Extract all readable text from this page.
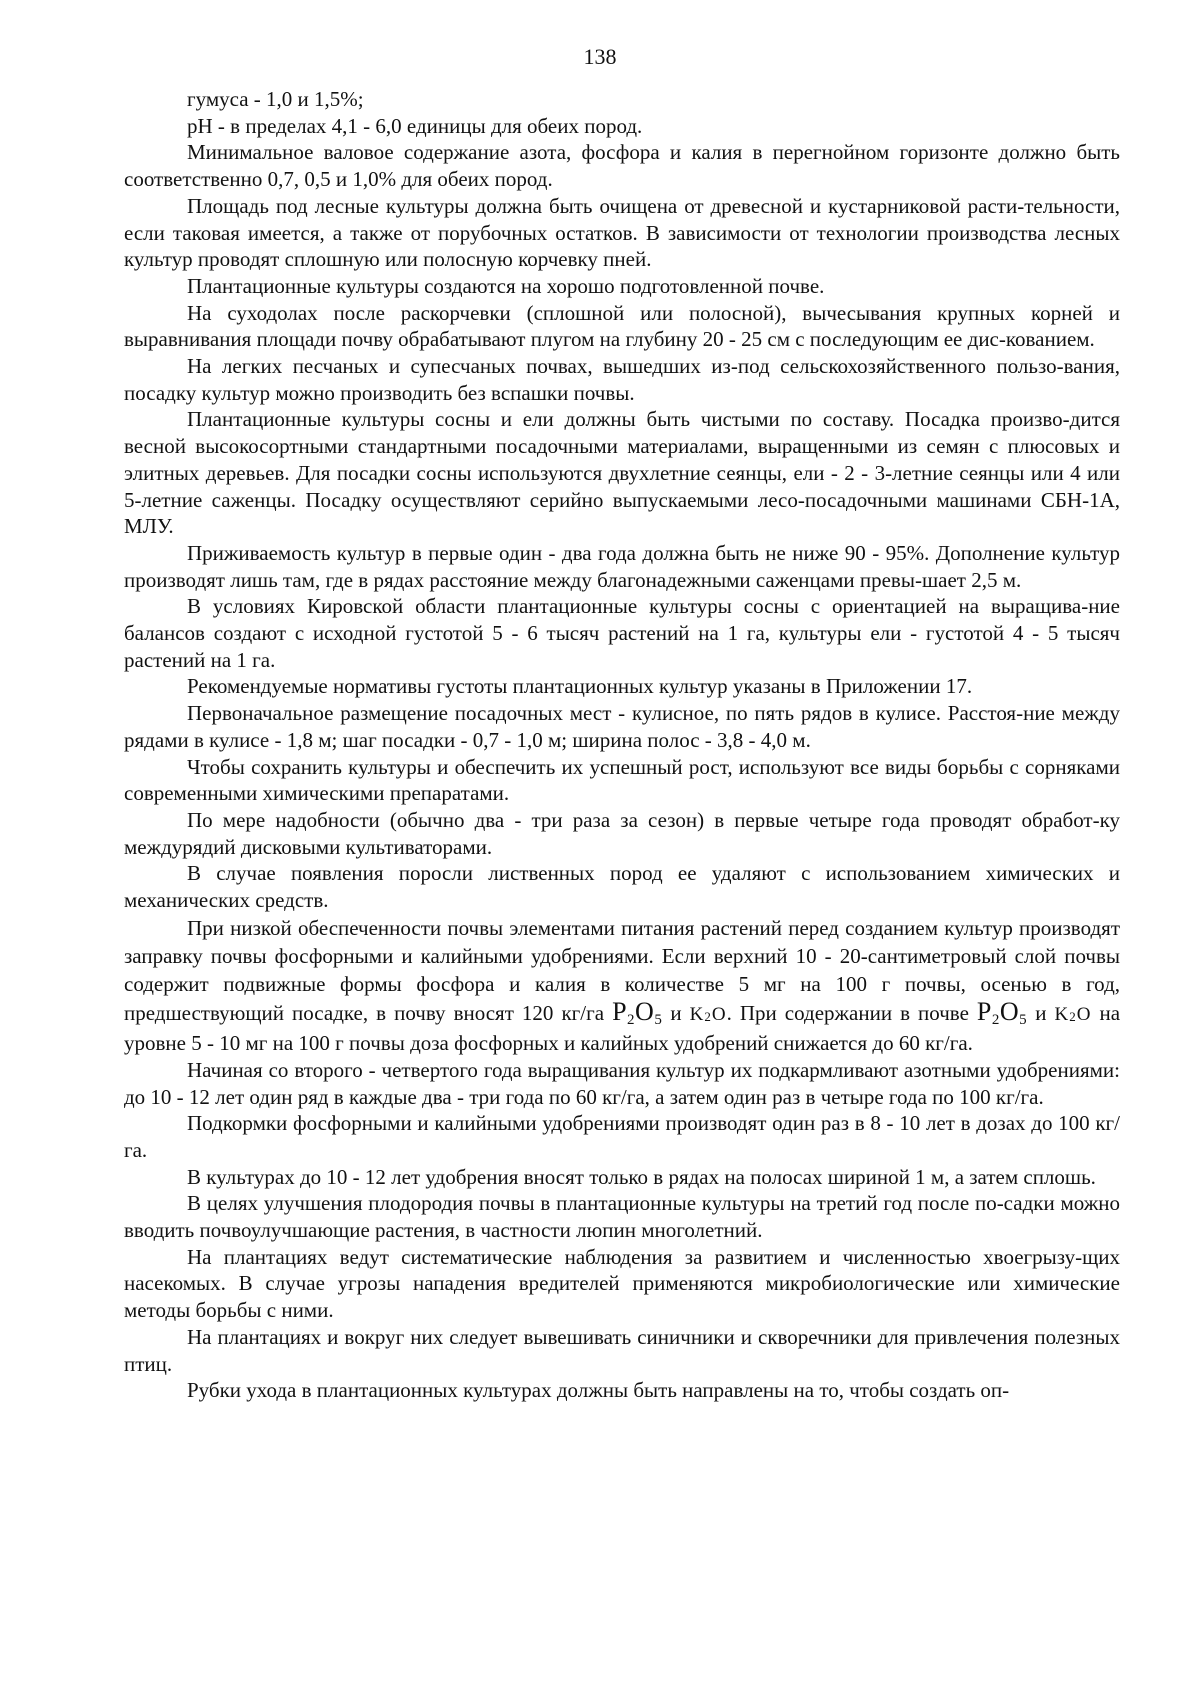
138

гумуса - 1,0 и 1,5%;

рН - в пределах 4,1 - 6,0 единицы для обеих пород.

Минимальное валовое содержание азота, фосфора и калия в перегнойном горизонте должно быть соответственно 0,7, 0,5 и 1,0% для обеих пород.

Площадь под лесные культуры должна быть очищена от древесной и кустарниковой расти-тельности, если таковая имеется, а также от порубочных остатков. В зависимости от технологии производства лесных культур проводят сплошную или полосную корчевку пней.

Плантационные культуры создаются на хорошо подготовленной почве.

На суходолах после раскорчевки (сплошной или полосной), вычесывания крупных корней и выравнивания площади почву обрабатывают плугом на глубину 20 - 25 см с последующим ее дис-кованием.

На легких песчаных и супесчаных почвах, вышедших из-под сельскохозяйственного пользо-вания, посадку культур можно производить без вспашки почвы.

Плантационные культуры сосны и ели должны быть чистыми по составу. Посадка произво-дится весной высокосортными стандартными посадочными материалами, выращенными из семян с плюсовых и элитных деревьев. Для посадки сосны используются двухлетние сеянцы, ели - 2 - 3-летние сеянцы или 4 или 5-летние саженцы. Посадку осуществляют серийно выпускаемыми лесо-посадочными машинами СБН-1А, МЛУ.

Приживаемость культур в первые один - два года должна быть не ниже 90 - 95%. Дополнение культур производят лишь там, где в рядах расстояние между благонадежными саженцами превы-шает 2,5 м.

В условиях Кировской области плантационные культуры сосны с ориентацией на выращива-ние балансов создают с исходной густотой 5 - 6 тысяч растений на 1 га, культуры ели - густотой 4 - 5 тысяч растений на 1 га.

Рекомендуемые нормативы густоты плантационных культур указаны в Приложении 17.

Первоначальное размещение посадочных мест - кулисное, по пять рядов в кулисе. Расстоя-ние между рядами в кулисе - 1,8 м; шаг посадки - 0,7 - 1,0 м; ширина полос - 3,8 - 4,0 м.

Чтобы сохранить культуры и обеспечить их успешный рост, используют все виды борьбы с сорняками современными химическими препаратами.

По мере надобности (обычно два - три раза за сезон) в первые четыре года проводят обработ-ку междурядий дисковыми культиваторами.

В случае появления поросли лиственных пород ее удаляют с использованием химических и механических средств.

При низкой обеспеченности почвы элементами питания растений перед созданием культур производят заправку почвы фосфорными и калийными удобрениями. Если верхний 10 - 20-сантиметровый слой почвы содержит подвижные формы фосфора и калия в количестве 5 мг на 100 г почвы, осенью в год, предшествующий посадке, в почву вносят 120 кг/га $P_2O_5$ и $K_2O$. При содержании в почве $P_2O_5$ и $K_2O$ на уровне 5 - 10 мг на 100 г почвы доза фосфорных и калийных удобрений снижается до 60 кг/га.

Начиная со второго - четвертого года выращивания культур их подкармливают азотными удобрениями: до 10 - 12 лет один ряд в каждые два - три года по 60 кг/га, а затем один раз в четыре года по 100 кг/га.

Подкормки фосфорными и калийными удобрениями производят один раз в 8 - 10 лет в дозах до 100 кг/га.

В культурах до 10 - 12 лет удобрения вносят только в рядах на полосах шириной 1 м, а затем сплошь.

В целях улучшения плодородия почвы в плантационные культуры на третий год после по-садки можно вводить почвоулучшающие растения, в частности люпин многолетний.

На плантациях ведут систематические наблюдения за развитием и численностью хвоегрызу-щих насекомых. В случае угрозы нападения вредителей применяются микробиологические или химические методы борьбы с ними.

На плантациях и вокруг них следует вывешивать синичники и скворечники для привлечения полезных птиц.

Рубки ухода в плантационных культурах должны быть направлены на то, чтобы создать оп-
